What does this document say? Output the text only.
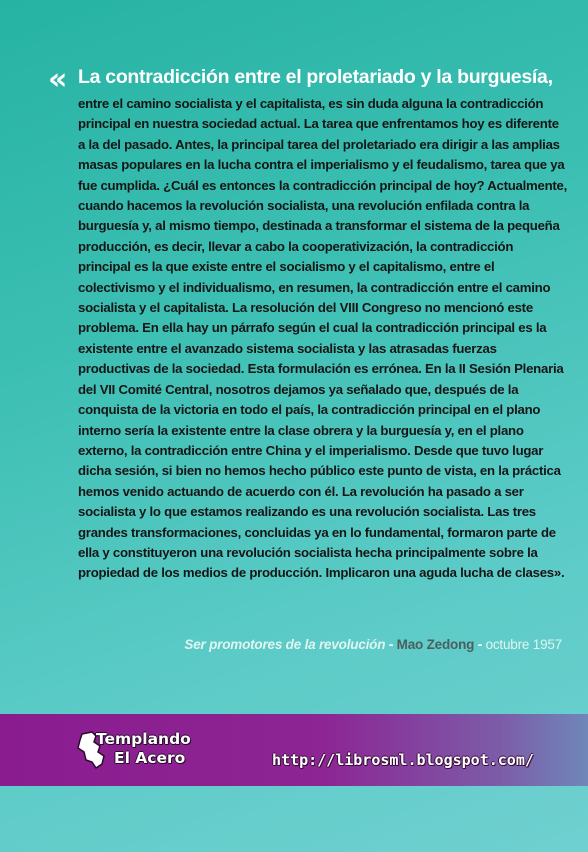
« La contradicción entre el proletariado y la burguesía,

entre el camino socialista y el capitalista, es sin duda alguna la contradicción principal en nuestra sociedad actual. La tarea que enfrentamos hoy es diferente a la del pasado. Antes, la principal tarea del proletariado era dirigir a las amplias masas populares en la lucha contra el imperialismo y el feudalismo, tarea que ya fue cumplida. ¿Cuál es entonces la contradicción principal de hoy? Actualmente, cuando hacemos la revolución socialista, una revolución enfilada contra la burguesía y, al mismo tiempo, destinada a transformar el sistema de la pequeña producción, es decir, llevar a cabo la cooperativización, la contradicción principal es la que existe entre el socialismo y el capitalismo, entre el colectivismo y el individualismo, en resumen, la contradicción entre el camino socialista y el capitalista. La resolución del VIII Congreso no mencionó este problema. En ella hay un párrafo según el cual la contradicción principal es la existente entre el avanzado sistema socialista y las atrasadas fuerzas productivas de la sociedad. Esta formulación es errónea. En la II Sesión Plenaria del VII Comité Central, nosotros dejamos ya señalado que, después de la conquista de la victoria en todo el país, la contradicción principal en el plano interno sería la existente entre la clase obrera y la burguesía y, en el plano externo, la contradicción entre China y el imperialismo. Desde que tuvo lugar dicha sesión, si bien no hemos hecho público este punto de vista, en la práctica hemos venido actuando de acuerdo con él. La revolución ha pasado a ser socialista y lo que estamos realizando es una revolución socialista. Las tres grandes transformaciones, concluidas ya en lo fundamental, formaron parte de ella y constituyeron una revolución socialista hecha principalmente sobre la propiedad de los medios de producción. Implicaron una aguda lucha de clases».

Ser promotores de la revolución - Mao Zedong - octubre 1957
Templando
El Acero	http://librosml.blogspot.com/
